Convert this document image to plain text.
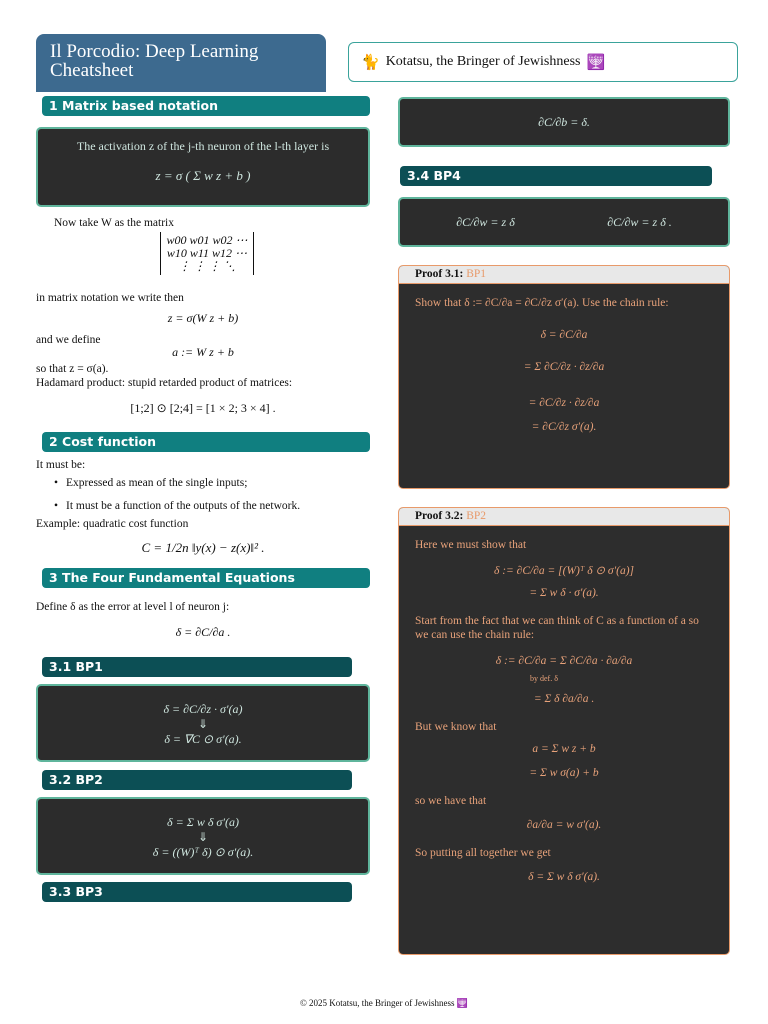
Il Porcodio: Deep Learning
Cheatsheet	🐈 Kotatsu, the Bringer of Jewishness 🕎
1 Matrix based notation
The activation z of the j-th neuron of the l-th layer is
z = σ ( Σ w z + b )
Now take W as the matrix
w00 w01 w02 ⋯
w10 w11 w12 ⋯
⋮ ⋮ ⋮ ⋱
in matrix notation we write then
z = σ(W z + b)
and we define
a := W z + b
so that z = σ(a).
Hadamard product: stupid retarded product of matrices:
[1;2] ⊙ [2;4] = [1 × 2; 3 × 4] .
2 Cost function
It must be:
• Expressed as mean of the single inputs;
• It must be a function of the outputs of the network.
Example: quadratic cost function
C = 1/2n ‖y(x) − z(x)‖² .
3 The Four Fundamental Equations
Define δ as the error at level l of neuron j:
δ = ∂C/∂a .
3.1 BP1
δ = ∂C/∂z · σ′(a)
⇓
δ = ∇C ⊙ σ′(a).
3.2 BP2
δ = Σ w δ σ′(a)
⇓
δ = ((W)ᵀ δ) ⊙ σ′(a).
3.3 BP3
∂C/∂b = δ.
3.4 BP4
∂C/∂w = z δ	∂C/∂w = z δ .
Proof 3.1: BP1
Show that δ := ∂C/∂a = ∂C/∂z σ′(a). Use the chain rule:
δ = ∂C/∂a
= Σ ∂C/∂z · ∂z/∂a
= ∂C/∂z · ∂z/∂a
= ∂C/∂z σ′(a).
Proof 3.2: BP2
Here we must show that
δ := ∂C/∂a = [(W)ᵀ δ ⊙ σ′(a)]
= Σ w δ · σ′(a).
Start from the fact that we can think of C as a function of a so we can use the chain rule:
δ := ∂C/∂a = Σ ∂C/∂a · ∂a/∂a
by def. δ
= Σ δ ∂a/∂a .
But we know that
a = Σ w z + b
= Σ w σ(a) + b
so we have that
∂a/∂a = w σ′(a).
So putting all together we get
δ = Σ w δ σ′(a).
© 2025 Kotatsu, the Bringer of Jewishness 🕎
